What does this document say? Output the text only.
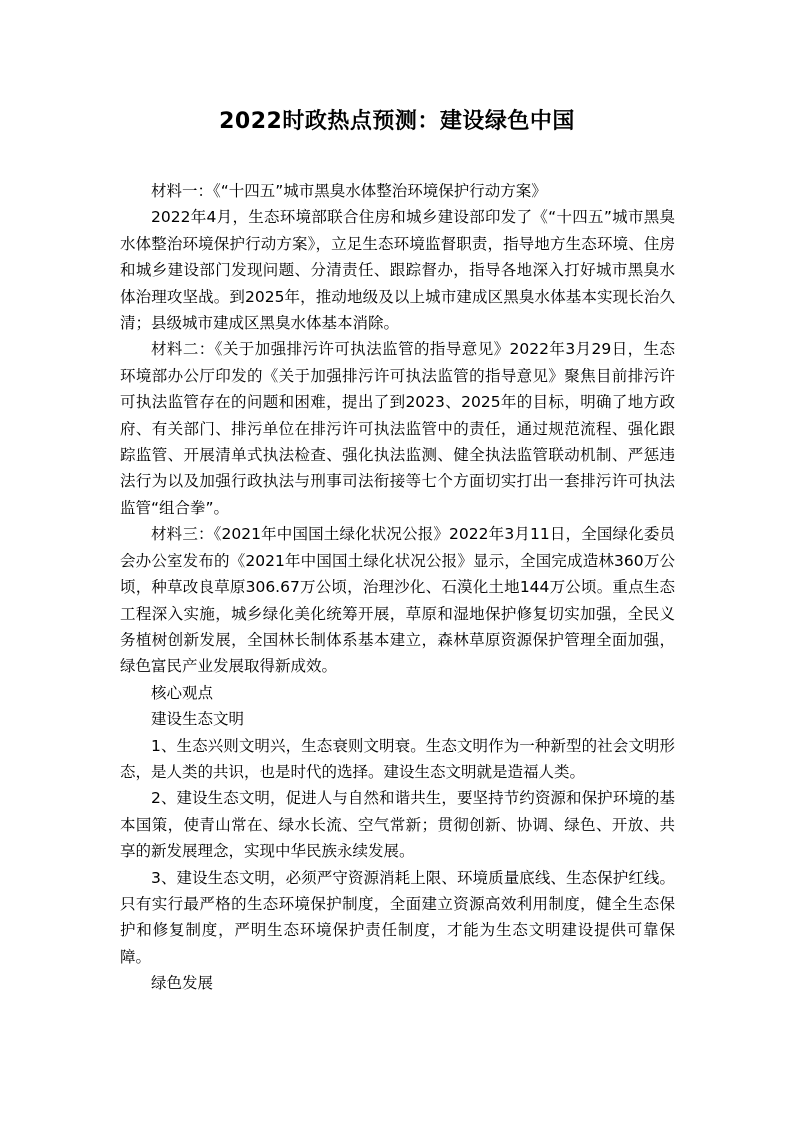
2022时政热点预测：建设绿色中国

材料一：《“十四五”城市黑臭水体整治环境保护行动方案》

2022年4月，生态环境部联合住房和城乡建设部印发了《“十四五”城市黑臭水体整治环境保护行动方案》，立足生态环境监督职责，指导地方生态环境、住房和城乡建设部门发现问题、分清责任、跟踪督办，指导各地深入打好城市黑臭水体治理攻坚战。到2025年，推动地级及以上城市建成区黑臭水体基本实现长治久清；县级城市建成区黑臭水体基本消除。

材料二：《关于加强排污许可执法监管的指导意见》2022年3月29日，生态环境部办公厅印发的《关于加强排污许可执法监管的指导意见》聚焦目前排污许可执法监管存在的问题和困难，提出了到2023、2025年的目标，明确了地方政府、有关部门、排污单位在排污许可执法监管中的责任，通过规范流程、强化跟踪监管、开展清单式执法检查、强化执法监测、健全执法监管联动机制、严惩违法行为以及加强行政执法与刑事司法衔接等七个方面切实打出一套排污许可执法监管“组合拳”。

材料三：《2021年中国国土绿化状况公报》2022年3月11日，全国绿化委员会办公室发布的《2021年中国国土绿化状况公报》显示，全国完成造林360万公顷，种草改良草原306.67万公顷，治理沙化、石漠化土地144万公顷。重点生态工程深入实施，城乡绿化美化统筹开展，草原和湿地保护修复切实加强，全民义务植树创新发展，全国林长制体系基本建立，森林草原资源保护管理全面加强，绿色富民产业发展取得新成效。

核心观点

建设生态文明

1、生态兴则文明兴，生态衰则文明衰。生态文明作为一种新型的社会文明形态，是人类的共识，也是时代的选择。建设生态文明就是造福人类。

2、建设生态文明，促进人与自然和谐共生，要坚持节约资源和保护环境的基本国策，使青山常在、绿水长流、空气常新；贯彻创新、协调、绿色、开放、共享的新发展理念，实现中华民族永续发展。

3、建设生态文明，必须严守资源消耗上限、环境质量底线、生态保护红线。只有实行最严格的生态环境保护制度，全面建立资源高效利用制度，健全生态保护和修复制度，严明生态环境保护责任制度，才能为生态文明建设提供可靠保障。

绿色发展
